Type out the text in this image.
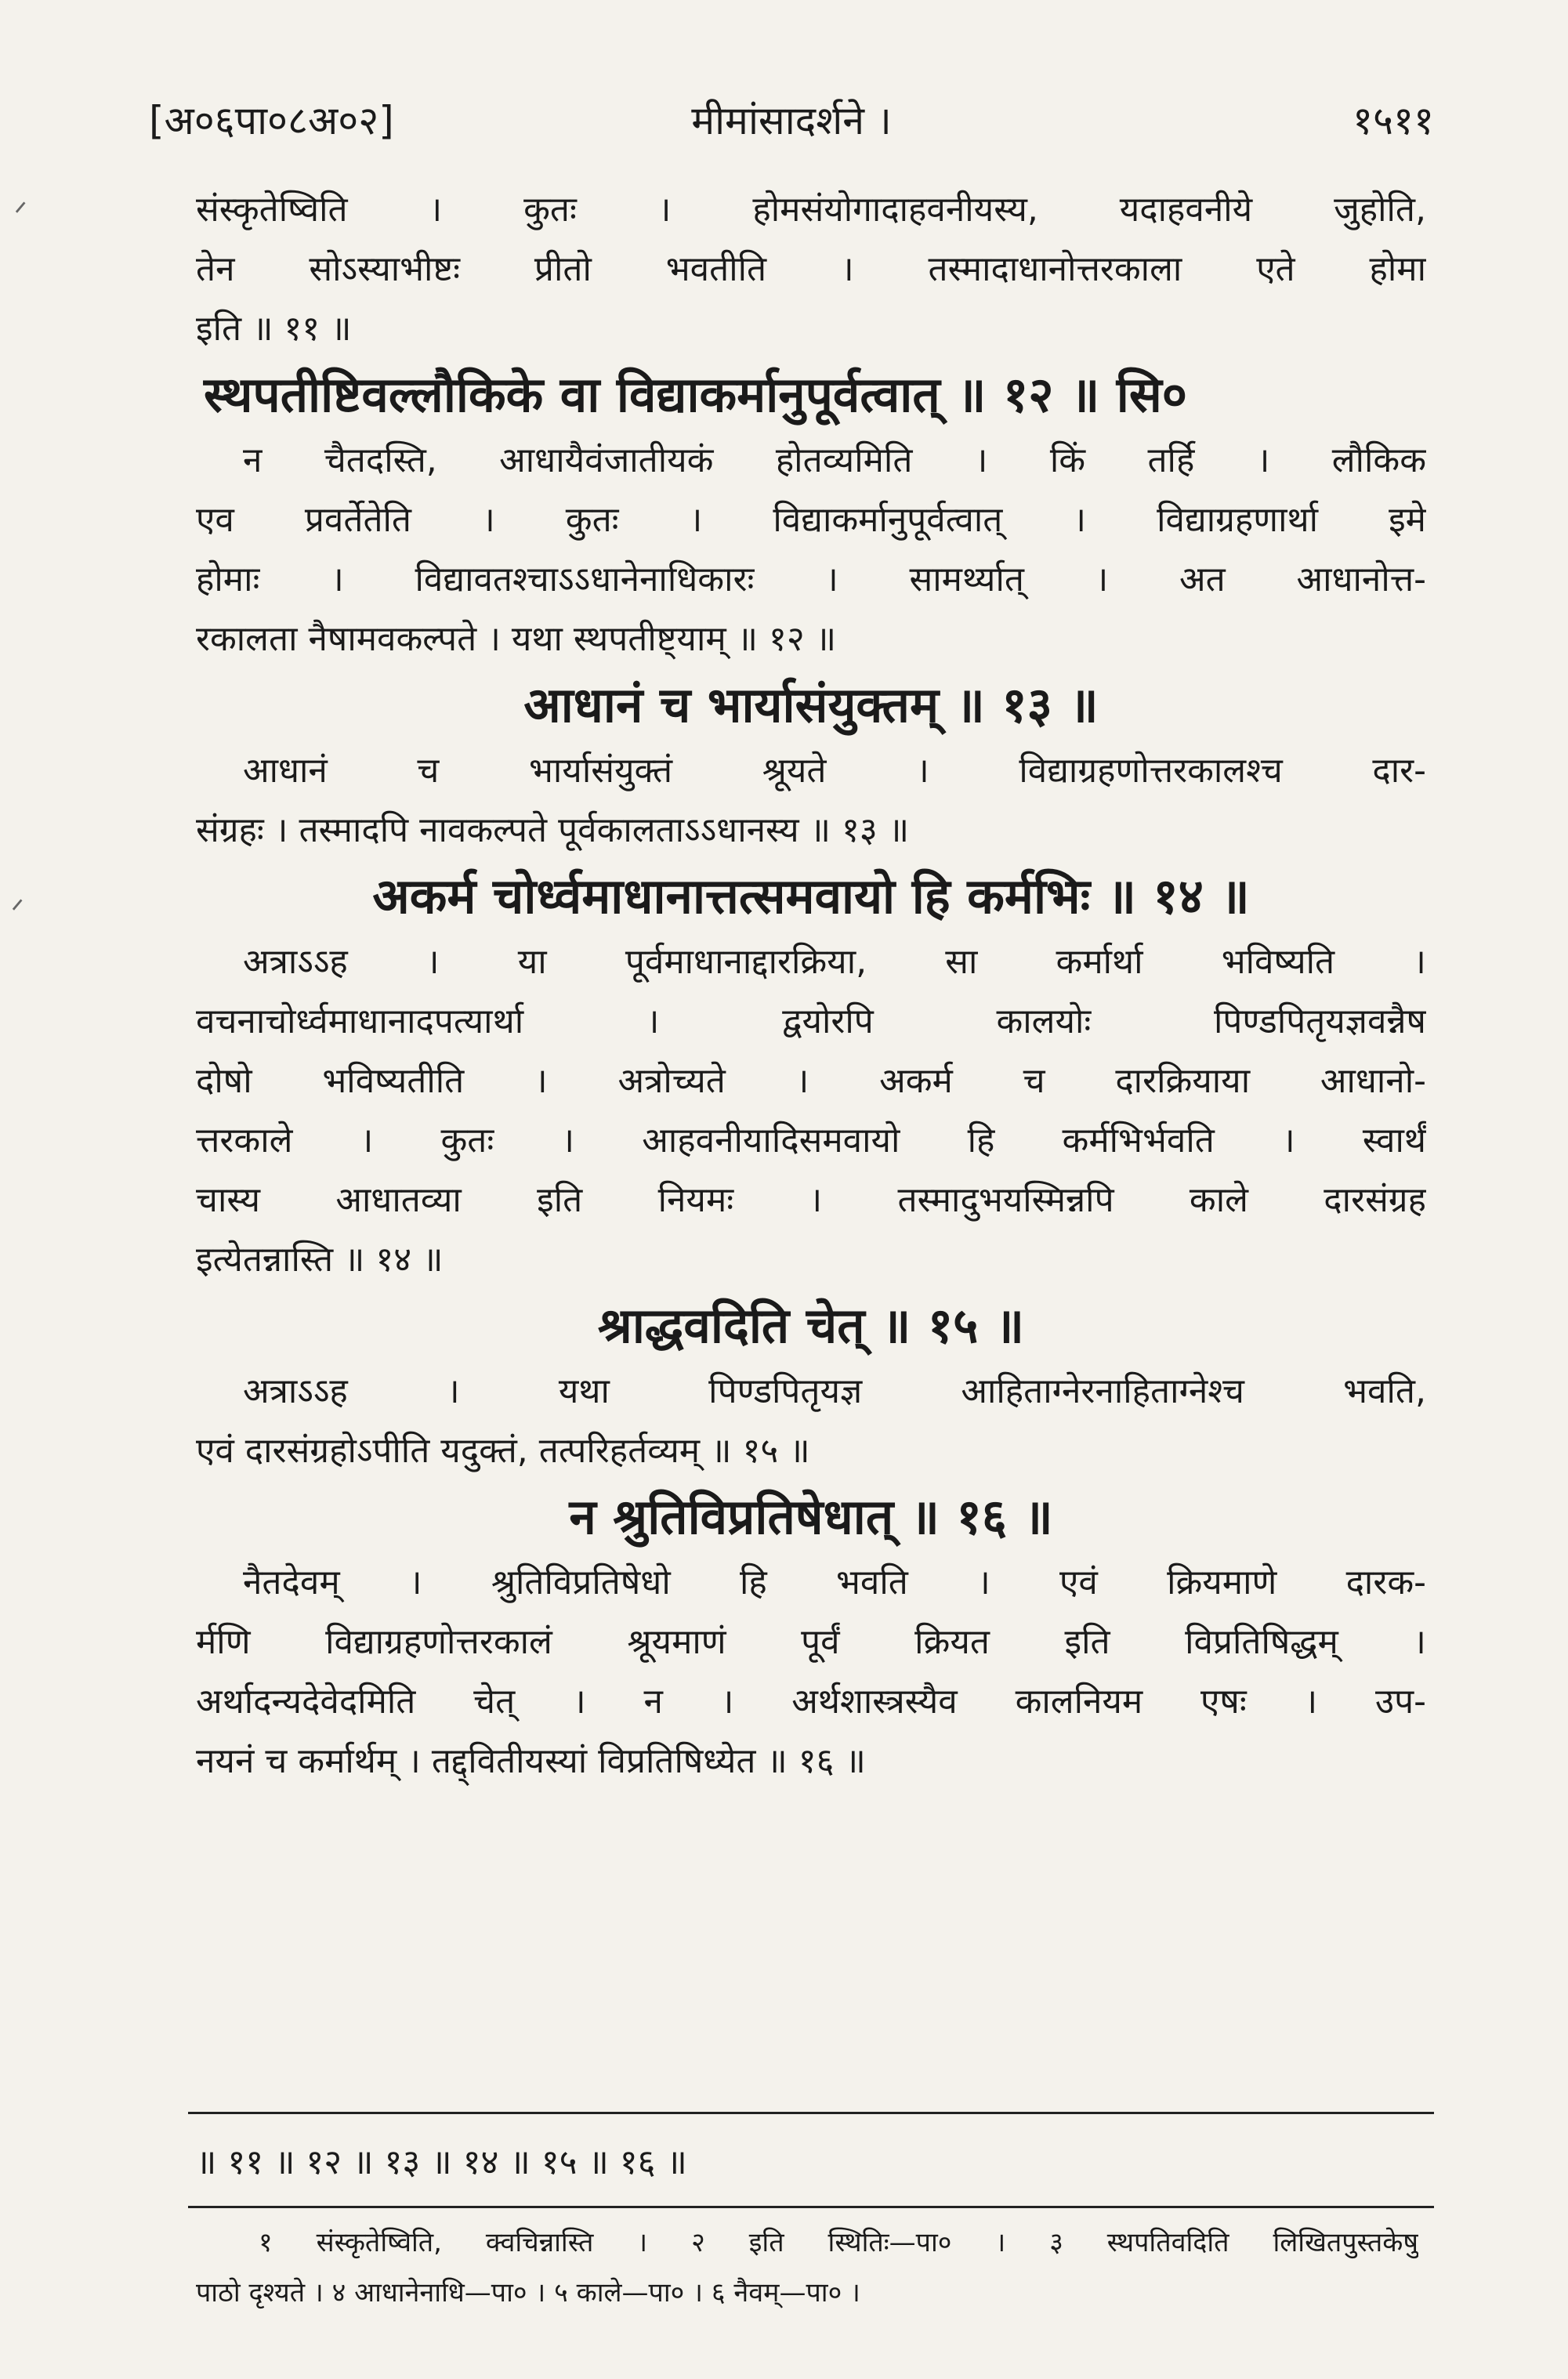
[अ०६पा०८अ०२]	मीमांसादर्शने ।	१५११
ᐟ
ᐟ
संस्कृतेष्विति । कुतः । होमसंयोगादाहवनीयस्य, यदाहवनीये जुहोति,
तेन सोऽस्याभीष्टः प्रीतो भवतीति । तस्मादाधानोत्तरकाला एते होमा
इति ॥ ११ ॥
स्थपतीष्टिवल्लौकिके वा विद्याकर्मानुपूर्वत्वात् ॥ १२ ॥ सि०
न चैतदस्ति, आधायैवंजातीयकं होतव्यमिति । किं तर्हि । लौकिक
एव प्रवर्तेतेति । कुतः । विद्याकर्मानुपूर्वत्वात् । विद्याग्रहणार्था इमे
होमाः । विद्यावतश्चाऽऽधानेनाधिकारः । सामर्थ्यात् । अत आधानोत्त-
रकालता नैषामवकल्पते । यथा स्थपतीष्ट्याम् ॥ १२ ॥
आधानं च भार्यासंयुक्तम् ॥ १३ ॥
आधानं च भार्यासंयुक्तं श्रूयते । विद्याग्रहणोत्तरकालश्च दार-
संग्रहः । तस्मादपि नावकल्पते पूर्वकालताऽऽधानस्य ॥ १३ ॥
अकर्म चोर्ध्वमाधानात्तत्समवायो हि कर्मभिः ॥ १४ ॥
अत्राऽऽह । या पूर्वमाधानाद्दारक्रिया, सा कर्मार्था भविष्यति ।
वचनाचोर्ध्वमाधानादपत्यार्था । द्वयोरपि कालयोः पिण्डपितृयज्ञवन्नैष
दोषो भविष्यतीति । अत्रोच्यते । अकर्म च दारक्रियाया आधानो-
त्तरकाले । कुतः । आहवनीयादिसमवायो हि कर्मभिर्भवति । स्वार्थं
चास्य आधातव्या इति नियमः । तस्मादुभयस्मिन्नपि काले दारसंग्रह
इत्येतन्नास्ति ॥ १४ ॥
श्राद्धवदिति चेत् ॥ १५ ॥
अत्राऽऽह । यथा पिण्डपितृयज्ञ आहिताग्नेरनाहिताग्नेश्च भवति,
एवं दारसंग्रहोऽपीति यदुक्तं, तत्परिहर्तव्यम् ॥ १५ ॥
न श्रुतिविप्रतिषेधात् ॥ १६ ॥
नैतदेवम् । श्रुतिविप्रतिषेधो हि भवति । एवं क्रियमाणे दारक-
र्मणि विद्याग्रहणोत्तरकालं श्रूयमाणं पूर्वं क्रियत इति विप्रतिषिद्धम् ।
अर्थादन्यदेवेदमिति चेत् । न । अर्थशास्त्रस्यैव कालनियम एषः । उप-
नयनं च कर्मार्थम् । तद्द्वितीयस्यां विप्रतिषिध्येत ॥ १६ ॥
॥ ११ ॥ १२ ॥ १३ ॥ १४ ॥ १५ ॥ १६ ॥
१ संस्कृतेष्विति, क्वचिन्नास्ति । २ इति स्थितिः—पा० । ३ स्थपतिवदिति लिखितपुस्तकेषु
पाठो दृश्यते । ४ आधानेनाधि—पा० । ५ काले—पा० । ६ नैवम्—पा० ।
